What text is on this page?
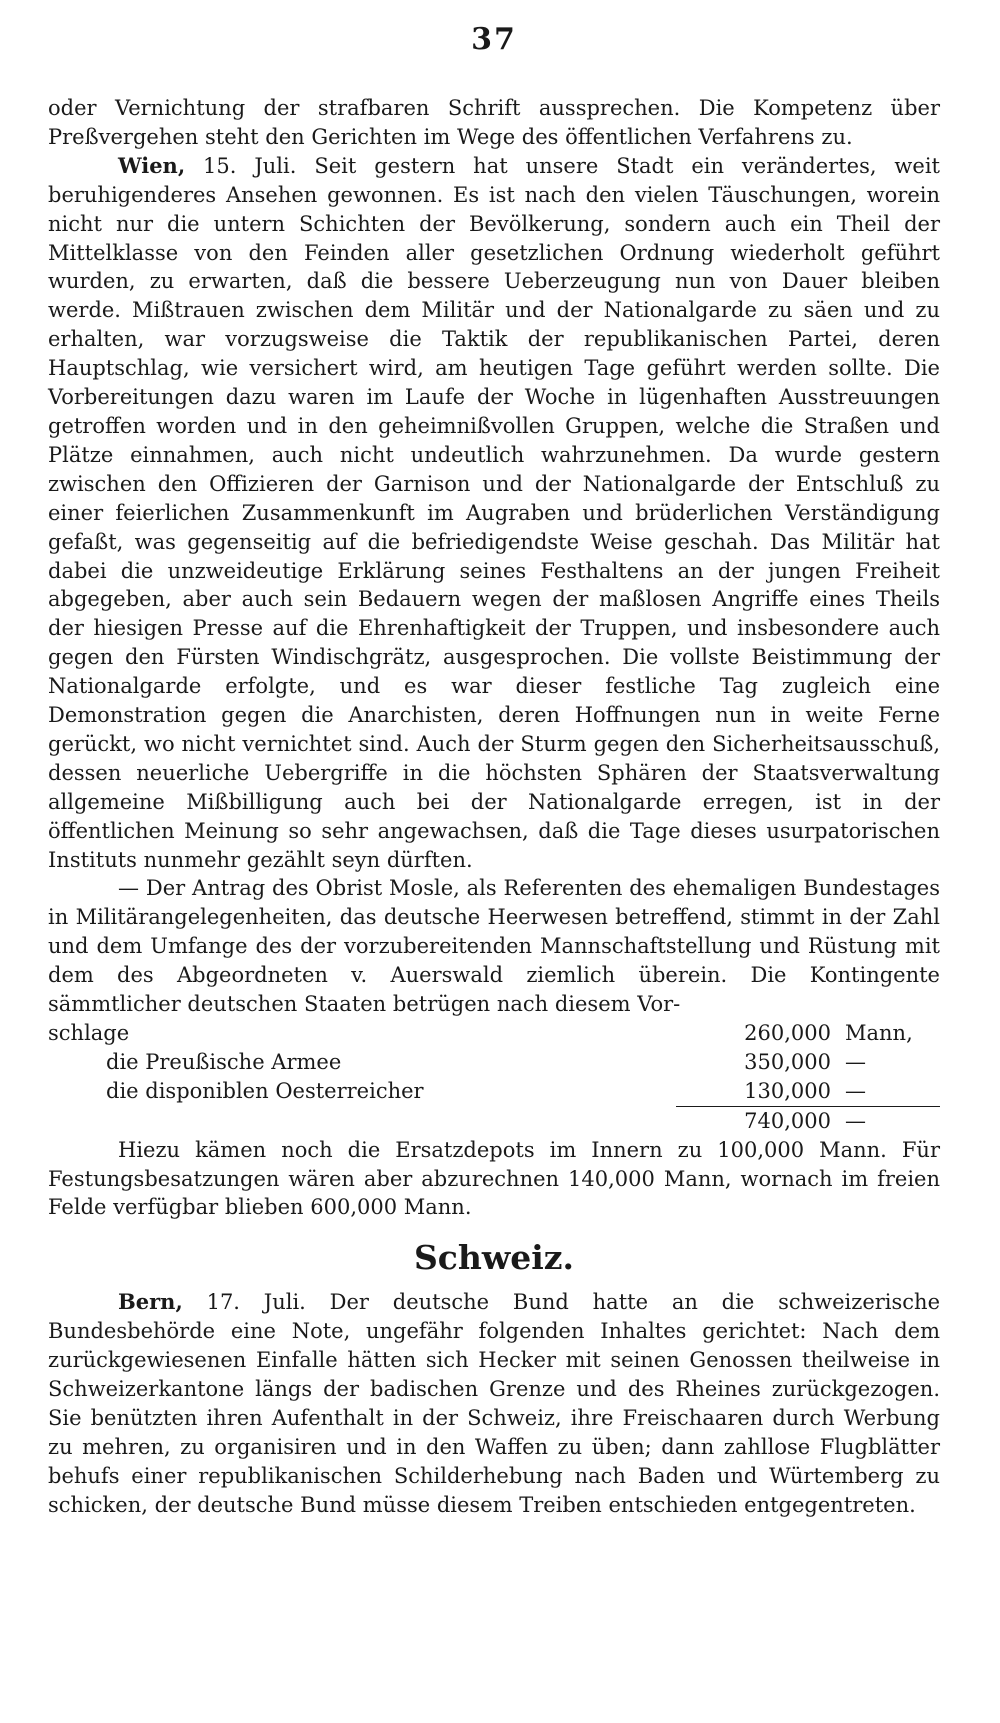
37

oder Vernichtung der strafbaren Schrift aussprechen. Die Kompetenz über Preßvergehen steht den Gerichten im Wege des öffentlichen Verfahrens zu.

Wien, 15. Juli. Seit gestern hat unsere Stadt ein verändertes, weit beruhigenderes Ansehen gewonnen. Es ist nach den vielen Täuschungen, worein nicht nur die untern Schichten der Bevölkerung, sondern auch ein Theil der Mittelklasse von den Feinden aller gesetzlichen Ordnung wiederholt geführt wurden, zu erwarten, daß die bessere Ueberzeugung nun von Dauer bleiben werde. Mißtrauen zwischen dem Militär und der Nationalgarde zu säen und zu erhalten, war vorzugsweise die Taktik der republikanischen Partei, deren Hauptschlag, wie versichert wird, am heutigen Tage geführt werden sollte. Die Vorbereitungen dazu waren im Laufe der Woche in lügenhaften Ausstreuungen getroffen worden und in den geheimnißvollen Gruppen, welche die Straßen und Plätze einnahmen, auch nicht undeutlich wahrzunehmen. Da wurde gestern zwischen den Offizieren der Garnison und der Nationalgarde der Entschluß zu einer feierlichen Zusammenkunft im Augraben und brüderlichen Verständigung gefaßt, was gegenseitig auf die befriedigendste Weise geschah. Das Militär hat dabei die unzweideutige Erklärung seines Festhaltens an der jungen Freiheit abgegeben, aber auch sein Bedauern wegen der maßlosen Angriffe eines Theils der hiesigen Presse auf die Ehrenhaftigkeit der Truppen, und insbesondere auch gegen den Fürsten Windischgrätz, ausgesprochen. Die vollste Beistimmung der Nationalgarde erfolgte, und es war dieser festliche Tag zugleich eine Demonstration gegen die Anarchisten, deren Hoffnungen nun in weite Ferne gerückt, wo nicht vernichtet sind. Auch der Sturm gegen den Sicherheitsausschuß, dessen neuerliche Uebergriffe in die höchsten Sphären der Staatsverwaltung allgemeine Mißbilligung auch bei der Nationalgarde erregen, ist in der öffentlichen Meinung so sehr angewachsen, daß die Tage dieses usurpatorischen Instituts nunmehr gezählt seyn dürften.

— Der Antrag des Obrist Mosle, als Referenten des ehemaligen Bundestages in Militärangelegenheiten, das deutsche Heerwesen betreffend, stimmt in der Zahl und dem Umfange des der vorzubereitenden Mannschaftstellung und Rüstung mit dem des Abgeordneten v. Auerswald ziemlich überein. Die Kontingente sämmtlicher deutschen Staaten betrügen nach diesem Vor-

schlage	260,000 Mann,
die Preußische Armee	350,000 —
die disponiblen Oesterreicher	130,000 —
740,000 —

Hiezu kämen noch die Ersatzdepots im Innern zu 100,000 Mann. Für Festungsbesatzungen wären aber abzurechnen 140,000 Mann, wornach im freien Felde verfügbar blieben 600,000 Mann.

Schweiz.

Bern, 17. Juli. Der deutsche Bund hatte an die schweizerische Bundesbehörde eine Note, ungefähr folgenden Inhaltes gerichtet: Nach dem zurückgewiesenen Einfalle hätten sich Hecker mit seinen Genossen theilweise in Schweizerkantone längs der badischen Grenze und des Rheines zurückgezogen. Sie benützten ihren Aufenthalt in der Schweiz, ihre Freischaaren durch Werbung zu mehren, zu organisiren und in den Waffen zu üben; dann zahllose Flugblätter behufs einer republikanischen Schilderhebung nach Baden und Würtemberg zu schicken, der deutsche Bund müsse diesem Treiben entschieden entgegentreten.
